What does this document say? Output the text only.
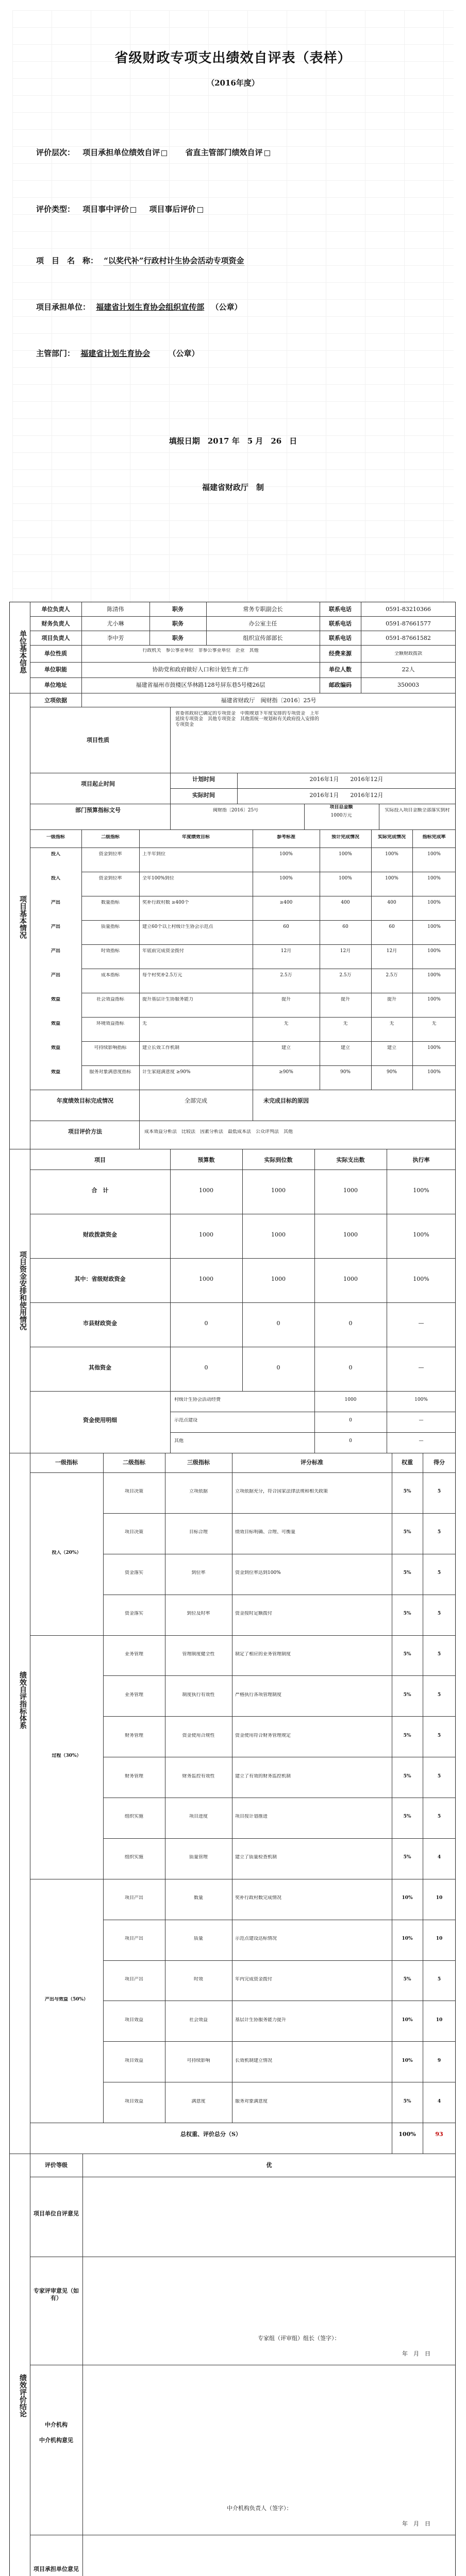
省级财政专项支出绩效自评表（表样）
（2016年度）
评价层次： 项目承担单位绩效自评	省直主管部门绩效自评
评价类型： 项目事中评价	项目事后评价
项　目　名　称： “以奖代补”行政村计生协会活动专项资金
项目承担单位： 福建省计划生育协会组织宣传部 （公章）
主管部门： 福建省计划生育协会 （公章）
填报日期　2017 年　5 月　26　日
福建省财政厅　制
单位基本信息
单位负责人	陈清伟	职务	常务专职副会长	联系电话	0591-83210366
财务负责人	尤小琳	职务	办公室主任	联系电话	0591-87661577
项目负责人	李中芳	职务	组织宣传部部长	联系电话	0591-87661582
单位性质	行政机关　参公事业单位　非参公事业单位　企业　其他	经费来源	全额财政拨款
单位职能	协助党和政府做好人口和计划生育工作	单位人数	22人
单位地址	福建省福州市鼓楼区华林路128号屏东巷5号楼26层	邮政编码	350003
项目基本情况
立项依据	福建省财政厅　闽财指〔2016〕25号
项目性质
省委省政府已确定的专项资金　中期规划下年度安排的专项资金　上年延续专项资金　其他专项资金　其他需统一规划和有关政府投入安排的专项资金
项目起止时间
计划时间	2016年1月　　2016年12月
实际时间	2016年1月　　2016年12月
部门预算指标文号	闽财指〔2016〕25号
项目总金额
1000万元
实际投入项目金额全部落实到村
一级指标	二级指标	年度绩效目标	参考标准	预计完成情况	实际完成情况	指标完成率
投入	资金到位率	上半年到位	100%	100%	100%	100%
投入	资金到位率	全年100%到位	100%	100%	100%	100%
产出	数量指标	奖补行政村数 ≥400个	≥400	400	400	100%
产出	质量指标	建立60个以上村级计生协会示范点	60	60	60	100%
产出	时效指标	年底前完成资金拨付	12月	12月	12月	100%
产出	成本指标	每个村奖补2.5万元	2.5万	2.5万	2.5万	100%
效益	社会效益指标	提升基层计生协服务能力	提升	提升	提升	100%
效益	环境效益指标	无	无	无	无	无
效益	可持续影响指标	建立长效工作机制	建立	建立	建立	100%
效益	服务对象满意度指标	计生家庭满意度 ≥90%	≥90%	90%	90%	100%
年度绩效目标完成情况	全部完成	未完成目标的原因
项目评价方法	成本效益分析法　比较法　因素分析法　最低成本法　公众评判法　其他
项目资金安排和使用情况
项目	预算数	实际到位数	实际支出数	执行率
合　计	1000	1000	1000	100%
财政拨款资金	1000	1000	1000	100%
其中：省级财政资金	1000	1000	1000	100%
市县财政资金	0	0	0	—
其他资金	0	0	0	—
资金使用明细
村级计生协会活动经费	1000	100%
示范点建设	0	—
其他	0	—
绩效自评指标体系
一级指标	二级指标	三级指标	评分标准	权重	得分
投入（20%）
项目决策	立项依据	立项依据充分，符合国家法律法规和相关政策	5%	5
项目决策	目标合理	绩效目标明确、合理、可衡量	5%	5
资金落实	到位率	资金到位率达到100%	5%	5
资金落实	到位及时率	资金按时足额拨付	5%	5
过程（30%）
业务管理	管理制度健全性	制定了相应的业务管理制度	5%	5
业务管理	制度执行有效性	严格执行各项管理制度	5%	5
财务管理	资金使用合规性	资金使用符合财务管理规定	5%	5
财务管理	财务监控有效性	建立了有效的财务监控机制	5%	5
组织实施	项目进度	项目按计划推进	5%	5
组织实施	质量管理	建立了质量检查机制	5%	4
产出与效益（50%）
项目产出	数量	奖补行政村数完成情况	10%	10
项目产出	质量	示范点建设达标情况	10%	10
项目产出	时效	年内完成资金拨付	5%	5
项目效益	社会效益	基层计生协服务能力提升	10%	10
项目效益	可持续影响	长效机制建立情况	10%	9
项目效益	满意度	服务对象满意度	5%	4
总权重、评价总分（S）	100%	93
绩效评价结论
评价等级	优
项目单位自评意见
专家评审意见（如有）
专家组（评审组）组长（签字）：
年　月　日
中介机构
中介机构意见
中介机构负责人（签字）：
年　月　日
项目承担单位意见
